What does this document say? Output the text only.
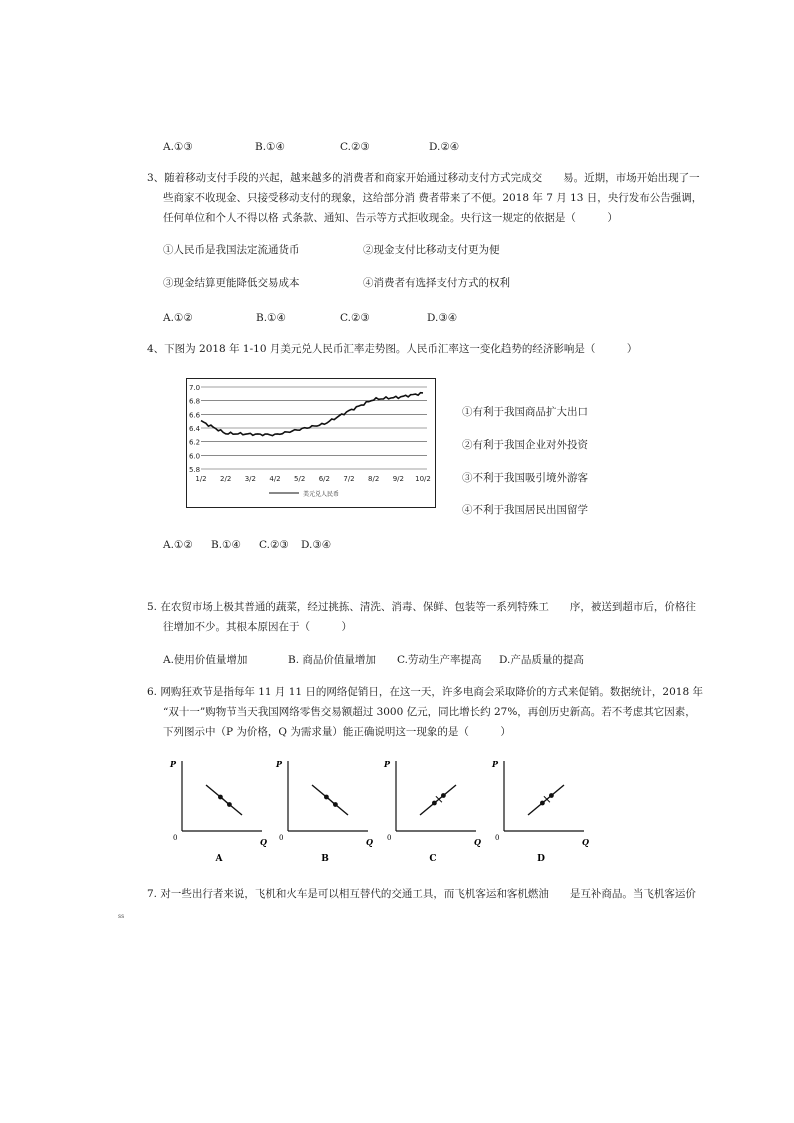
A.①③	B.①④	C.②③	D.②④
3、随着移动支付手段的兴起，越来越多的消费者和商家开始通过移动支付方式完成交　　易。近期，市场开始出现了一
些商家不收现金、只接受移动支付的现象，这给部分消 费者带来了不便。2018 年 7 月 13 日，央行发布公告强调，
任何单位和个人不得以格 式条款、通知、告示等方式拒收现金。央行这一规定的依据是（　　　）
①人民币是我国法定流通货币	②现金支付比移动支付更为便
③现金结算更能降低交易成本	④消费者有选择支付方式的权利
A.①②	B.①④	C.②③	D.③④
4、下图为 2018 年 1-10 月美元兑人民币汇率走势图。人民币汇率这一变化趋势的经济影响是（　　　）
7.0
6.8
6.6
6.4
6.2
6.0
5.8
1/2 2/2 3/2 4/2 5/2 6/2 7/2 8/2 9/2 10/2
美元兑人民币
①有利于我国商品扩大出口
②有利于我国企业对外投资
③不利于我国吸引境外游客
④不利于我国居民出国留学
A.①② B.①④ C.②③ D.③④
5. 在农贸市场上极其普通的蔬菜，经过挑拣、清洗、消毒、保鲜、包装等一系列特殊工　　序，被送到超市后，价格往
往增加不少。其根本原因在于（　　　）
A.使用价值量增加	B. 商品价值量增加 C.劳动生产率提高 D.产品质量的提高
6. 网购狂欢节是指每年 11 月 11 日的网络促销日，在这一天，许多电商会采取降价的方式来促销。数据统计，2018 年
“双十一”购物节当天我国网络零售交易额超过 3000 亿元，同比增长约 27%，再创历史新高。若不考虑其它因素，
下列图示中（P 为价格，Q 为需求量）能正确说明这一现象的是（　　　）
P
Q
0
A
P
Q
0
B
P
Q
0
C
P
Q
0
D
7. 对一些出行者来说，飞机和火车是可以相互替代的交通工具，而飞机客运和客机燃油　　是互补商品。当飞机客运价
ss
